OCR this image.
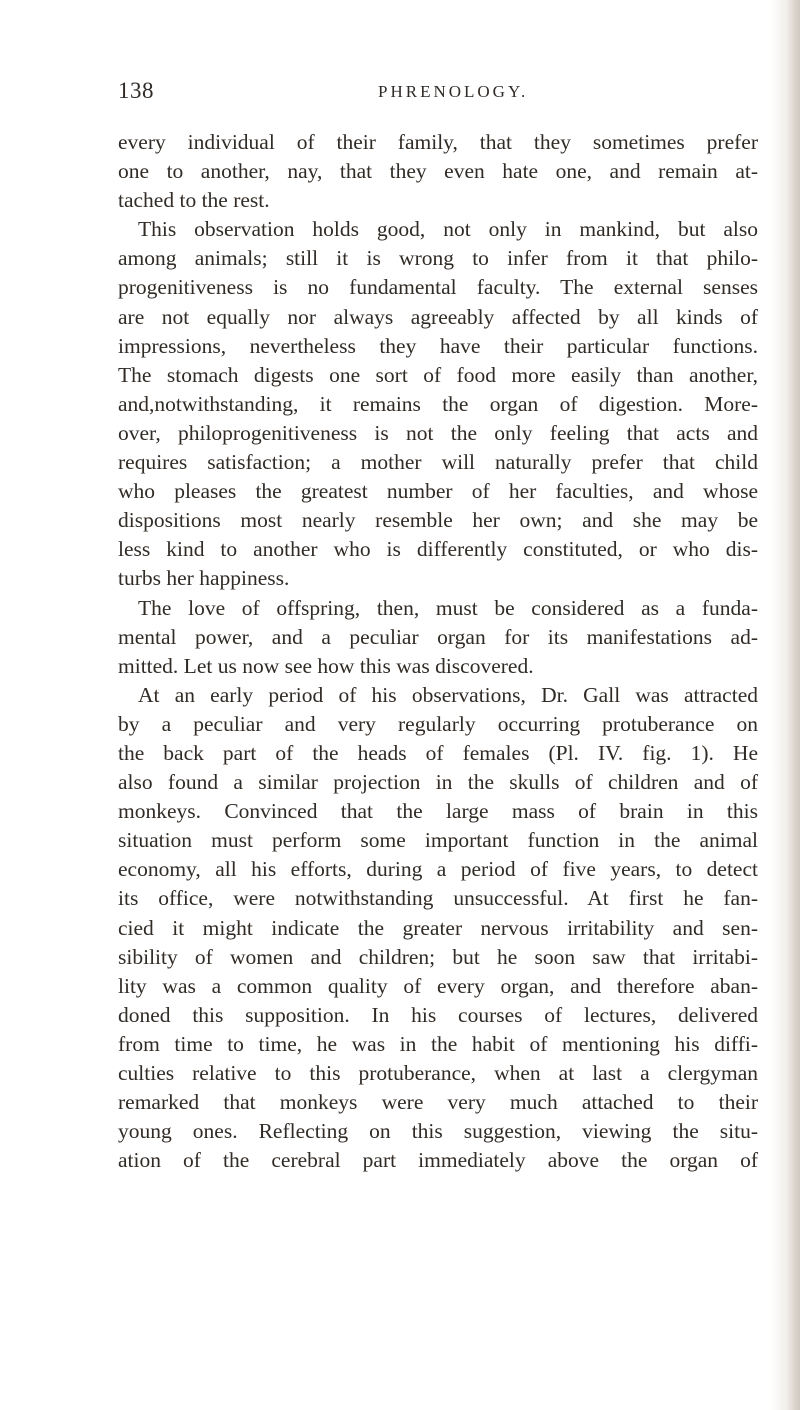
138	PHRENOLOGY.
every individual of their family, that they sometimes prefer
one to another, nay, that they even hate one, and remain at-
tached to the rest.
This observation holds good, not only in mankind, but also
among animals; still it is wrong to infer from it that philo-
progenitiveness is no fundamental faculty. The external senses
are not equally nor always agreeably affected by all kinds of
impressions, nevertheless they have their particular functions.
The stomach digests one sort of food more easily than another,
and,notwithstanding, it remains the organ of digestion. More-
over, philoprogenitiveness is not the only feeling that acts and
requires satisfaction; a mother will naturally prefer that child
who pleases the greatest number of her faculties, and whose
dispositions most nearly resemble her own; and she may be
less kind to another who is differently constituted, or who dis-
turbs her happiness.
The love of offspring, then, must be considered as a funda-
mental power, and a peculiar organ for its manifestations ad-
mitted. Let us now see how this was discovered.
At an early period of his observations, Dr. Gall was attracted
by a peculiar and very regularly occurring protuberance on
the back part of the heads of females (Pl. IV. fig. 1). He
also found a similar projection in the skulls of children and of
monkeys. Convinced that the large mass of brain in this
situation must perform some important function in the animal
economy, all his efforts, during a period of five years, to detect
its office, were notwithstanding unsuccessful. At first he fan-
cied it might indicate the greater nervous irritability and sen-
sibility of women and children; but he soon saw that irritabi-
lity was a common quality of every organ, and therefore aban-
doned this supposition. In his courses of lectures, delivered
from time to time, he was in the habit of mentioning his diffi-
culties relative to this protuberance, when at last a clergyman
remarked that monkeys were very much attached to their
young ones. Reflecting on this suggestion, viewing the situ-
ation of the cerebral part immediately above the organ of
